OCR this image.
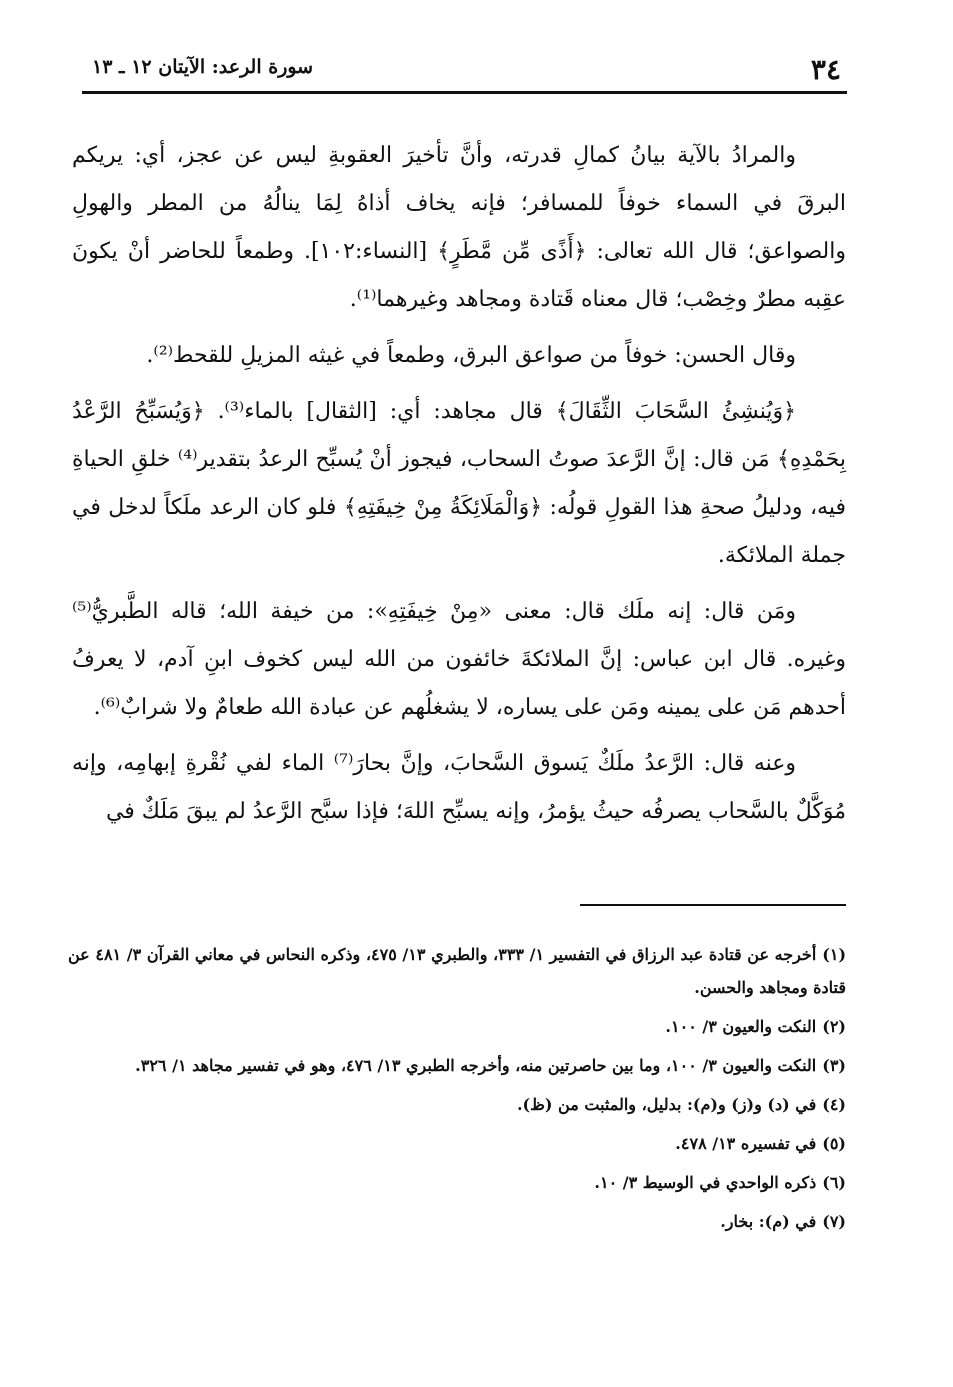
٣٤
سورة الرعد: الآيتان ١٢ ـ ١٣

والمرادُ بالآية بيانُ كمالِ قدرته، وأنَّ تأخيرَ العقوبةِ ليس عن عجز، أي: يريكم البرقَ في السماء خوفاً للمسافر؛ فإنه يخاف أذاهُ لِمَا ينالُهُ من المطر والهولِ والصواعق؛ قال الله تعالى: ﴿أَذًى مِّن مَّطَرٍ﴾ [النساء:١٠٢]. وطمعاً للحاضر أنْ يكونَ عقِبه مطرٌ وخِصْب؛ قال معناه قَتادة ومجاهد وغيرهما⁽¹⁾.

وقال الحسن: خوفاً من صواعق البرق، وطمعاً في غيثه المزيلِ للقحط⁽²⁾.

﴿وَيُنشِئُ السَّحَابَ الثِّقَالَ﴾ قال مجاهد: أي: [الثقال] بالماء⁽³⁾. ﴿وَيُسَبِّحُ الرَّعْدُ بِحَمْدِهِ﴾ مَن قال: إنَّ الرَّعدَ صوتُ السحاب، فيجوز أنْ يُسبِّح الرعدُ بتقدير⁽⁴⁾ خلقِ الحياةِ فيه، ودليلُ صحةِ هذا القولِ قولُه: ﴿وَالْمَلَائِكَةُ مِنْ خِيفَتِهِ﴾ فلو كان الرعد ملَكاً لدخل في جملة الملائكة.

ومَن قال: إنه ملَك قال: معنى «مِنْ خِيفَتِهِ»: من خيفة الله؛ قاله الطَّبريُّ⁽⁵⁾ وغيره. قال ابن عباس: إنَّ الملائكةَ خائفون من الله ليس كخوف ابنِ آدم، لا يعرفُ أحدهم مَن على يمينه ومَن على يساره، لا يشغلُهم عن عبادة الله طعامٌ ولا شرابٌ⁽⁶⁾.

وعنه قال: الرَّعدُ ملَكٌ يَسوق السَّحابَ، وإنَّ بحارَ⁽⁷⁾ الماء لفي نُقْرةِ إبهامِه، وإنه مُوَكَّلٌ بالسَّحاب يصرفُه حيثُ يؤمرُ، وإنه يسبِّح اللهَ؛ فإذا سبَّح الرَّعدُ لم يبقَ مَلَكٌ في

(١)أخرجه عن قتادة عبد الرزاق في التفسير ١/ ٣٣٣، والطبري ١٣/ ٤٧٥، وذكره النحاس في معاني القرآن ٣/ ٤٨١ عن قتادة ومجاهد والحسن.
(٢)النكت والعيون ٣/ ١٠٠.
(٣)النكت والعيون ٣/ ١٠٠، وما بين حاصرتين منه، وأخرجه الطبري ١٣/ ٤٧٦، وهو في تفسير مجاهد ١/ ٣٢٦.
(٤)في (د) و(ز) و(م): بدليل، والمثبت من (ظ).
(٥)في تفسيره ١٣/ ٤٧٨.
(٦)ذكره الواحدي في الوسيط ٣/ ١٠.
(٧)في (م): بخار.
